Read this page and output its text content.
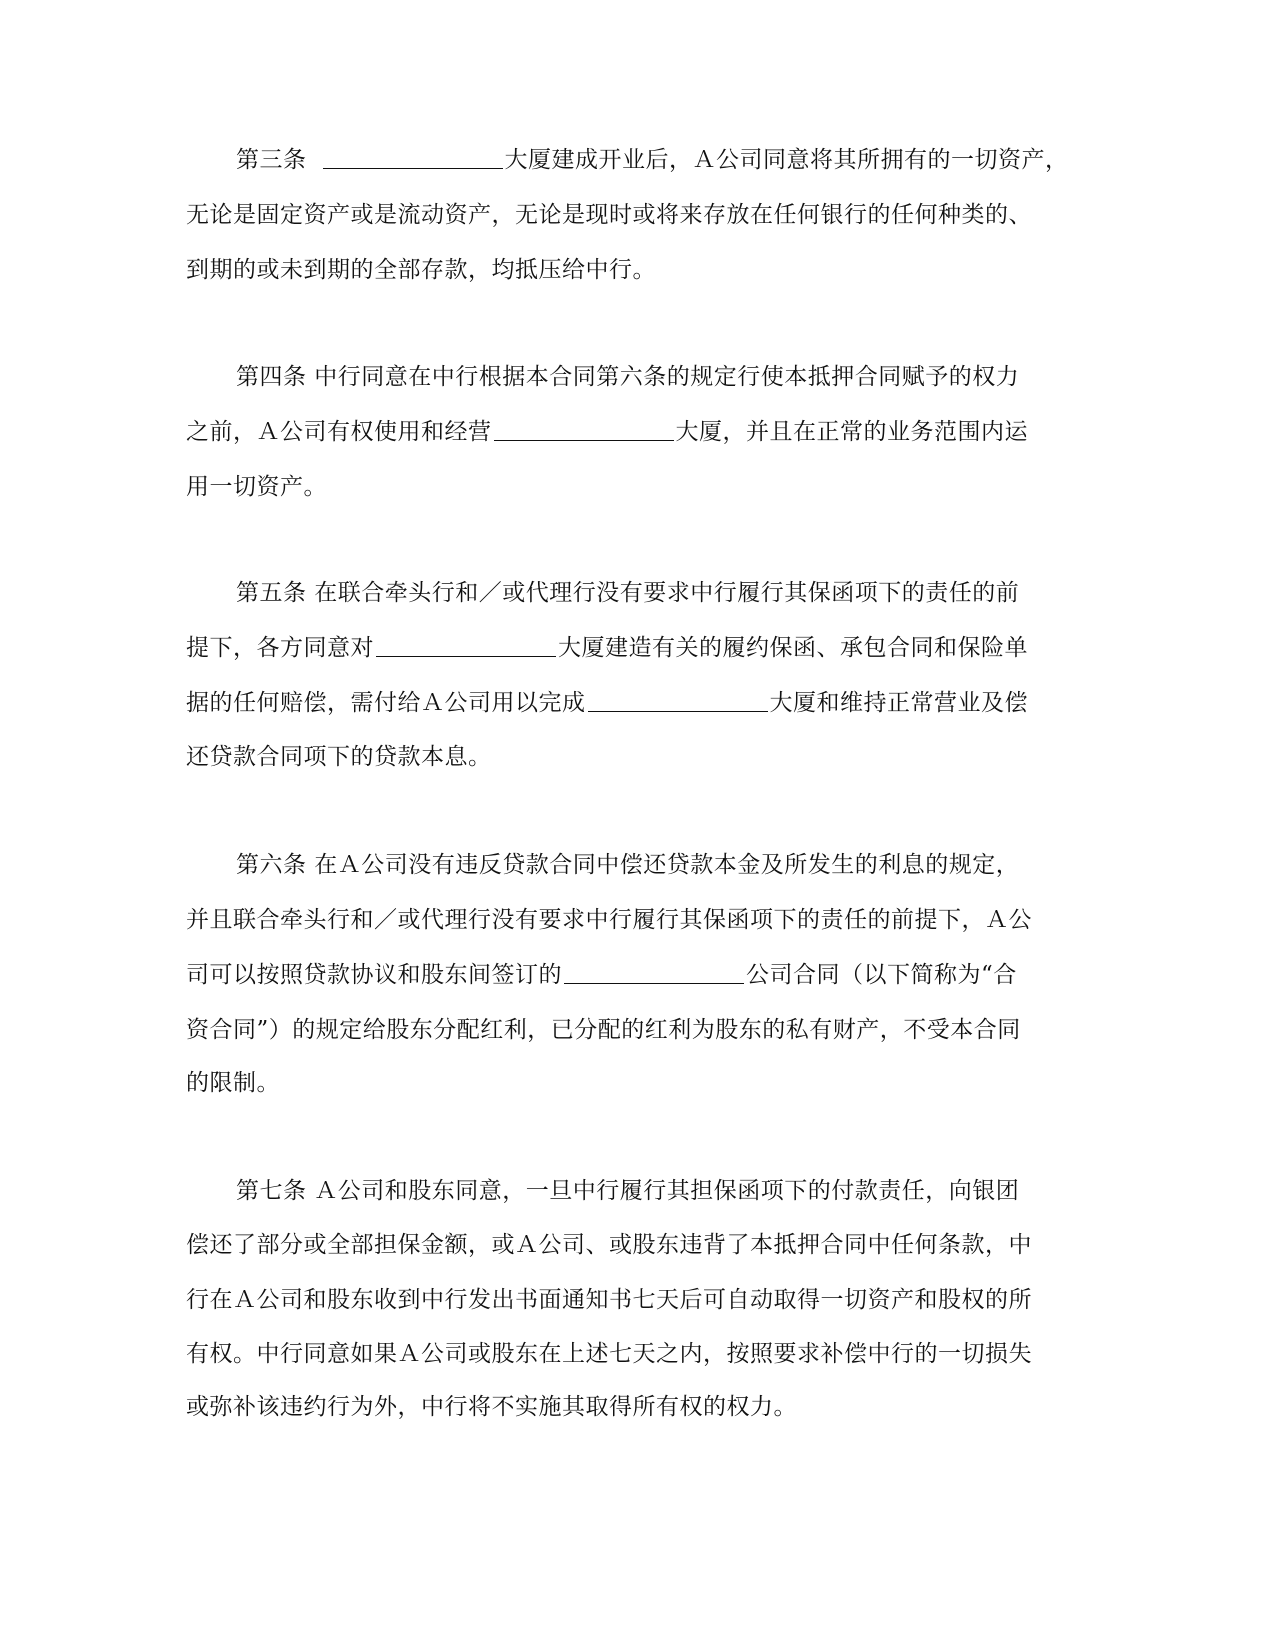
第三条	大厦建成开业后，Ａ公司同意将其所拥有的一切资产，
无论是固定资产或是流动资产，无论是现时或将来存放在任何银行的任何种类的、
到期的或未到期的全部存款，均抵压给中行。
第四条 中行同意在中行根据本合同第六条的规定行使本抵押合同赋予的权力
之前，Ａ公司有权使用和经营	大厦，并且在正常的业务范围内运
用一切资产。
第五条 在联合牵头行和／或代理行没有要求中行履行其保函项下的责任的前
提下，各方同意对	大厦建造有关的履约保函、承包合同和保险单
据的任何赔偿，需付给Ａ公司用以完成	大厦和维持正常营业及偿
还贷款合同项下的贷款本息。
第六条 在Ａ公司没有违反贷款合同中偿还贷款本金及所发生的利息的规定，
并且联合牵头行和／或代理行没有要求中行履行其保函项下的责任的前提下，Ａ公
司可以按照贷款协议和股东间签订的	公司合同（以下简称为“合
资合同”）的规定给股东分配红利，已分配的红利为股东的私有财产，不受本合同
的限制。
第七条 Ａ公司和股东同意，一旦中行履行其担保函项下的付款责任，向银团
偿还了部分或全部担保金额，或Ａ公司、或股东违背了本抵押合同中任何条款，中
行在Ａ公司和股东收到中行发出书面通知书七天后可自动取得一切资产和股权的所
有权。中行同意如果Ａ公司或股东在上述七天之内，按照要求补偿中行的一切损失
或弥补该违约行为外，中行将不实施其取得所有权的权力。
